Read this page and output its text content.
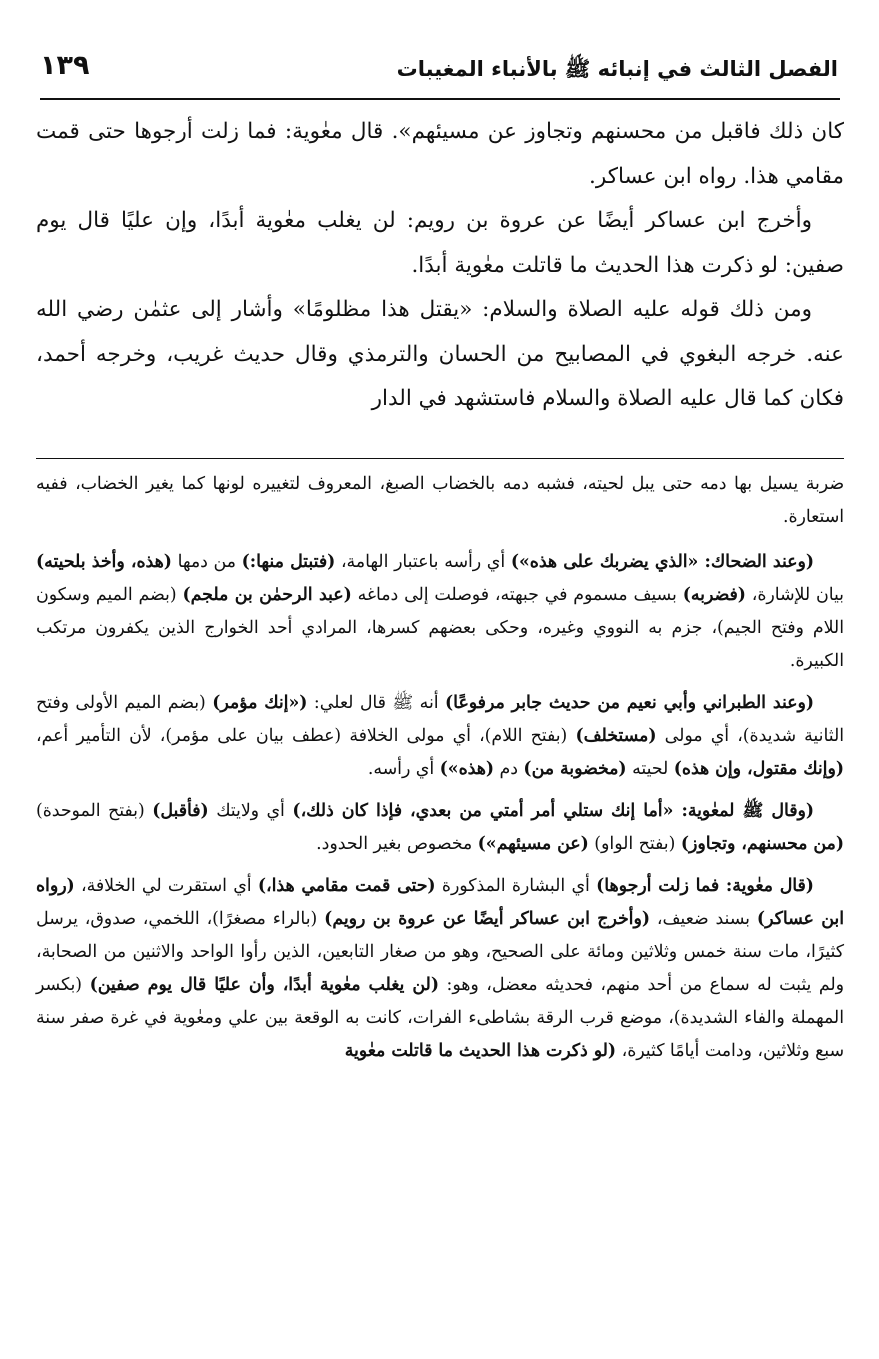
الفصل الثالث في إنبائه ﷺ بالأنباء المغيبات
١٣٩

كان ذلك فاقبل من محسنهم وتجاوز عن مسيئهم». قال معٰوية: فما زلت أرجوها حتى قمت مقامي هذا. رواه ابن عساكر.

وأخرج ابن عساكر أيضًا عن عروة بن رويم: لن يغلب معٰوية أبدًا، وإن عليًا قال يوم صفين: لو ذكرت هذا الحديث ما قاتلت معٰوية أبدًا.

ومن ذلك قوله عليه الصلاة والسلام: «يقتل هذا مظلومًا» وأشار إلى عثمٰن رضي الله عنه. خرجه البغوي في المصابيح من الحسان والترمذي وقال حديث غريب، وخرجه أحمد، فكان كما قال عليه الصلاة والسلام فاستشهد في الدار

ضربة يسيل بها دمه حتى يبل لحيته، فشبه دمه بالخضاب الصبغ، المعروف لتغييره لونها كما يغير الخضاب، ففيه استعارة.

(وعند الضحاك: «الذي يضربك على هذه») أي رأسه باعتبار الهامة، (فتبتل منها:) من دمها (هذه، وأخذ بلحيته) بيان للإشارة، (فضربه) بسيف مسموم في جبهته، فوصلت إلى دماغه (عبد الرحمٰن بن ملجم) (بضم الميم وسكون اللام وفتح الجيم)، جزم به النووي وغيره، وحكى بعضهم كسرها، المرادي أحد الخوارج الذين يكفرون مرتكب الكبيرة.

(وعند الطبراني وأبي نعيم من حديث جابر مرفوعًا) أنه ﷺ قال لعلي: («إنك مؤمر) (بضم الميم الأولى وفتح الثانية شديدة)، أي مولى (مستخلف) (بفتح اللام)، أي مولى الخلافة (عطف بيان على مؤمر)، لأن التأمير أعم، (وإنك مقتول، وإن هذه) لحيته (مخضوبة من) دم (هذه») أي رأسه.

(وقال ﷺ لمعٰوية: «أما إنك ستلي أمر أمتي من بعدي، فإذا كان ذلك،) أي ولايتك (فأقبل) (بفتح الموحدة) (من محسنهم، وتجاوز) (بفتح الواو) (عن مسيئهم») مخصوص بغير الحدود.

(قال معٰوية: فما زلت أرجوها) أي البشارة المذكورة (حتى قمت مقامي هذا،) أي استقرت لي الخلافة، (رواه ابن عساكر) بسند ضعيف، (وأخرج ابن عساكر أيضًا عن عروة بن رويم) (بالراء مصغرًا)، اللخمي، صدوق، يرسل كثيرًا، مات سنة خمس وثلاثين ومائة على الصحيح، وهو من صغار التابعين، الذين رأوا الواحد والاثنين من الصحابة، ولم يثبت له سماع من أحد منهم، فحديثه معضل، وهو: (لن يغلب معٰوية أبدًا، وأن عليًا قال يوم صفين) (بكسر المهملة والفاء الشديدة)، موضع قرب الرقة بشاطىء الفرات، كانت به الوقعة بين علي ومعٰوية في غرة صفر سنة سبع وثلاثين، ودامت أيامًا كثيرة، (لو ذكرت هذا الحديث ما قاتلت معٰوية
